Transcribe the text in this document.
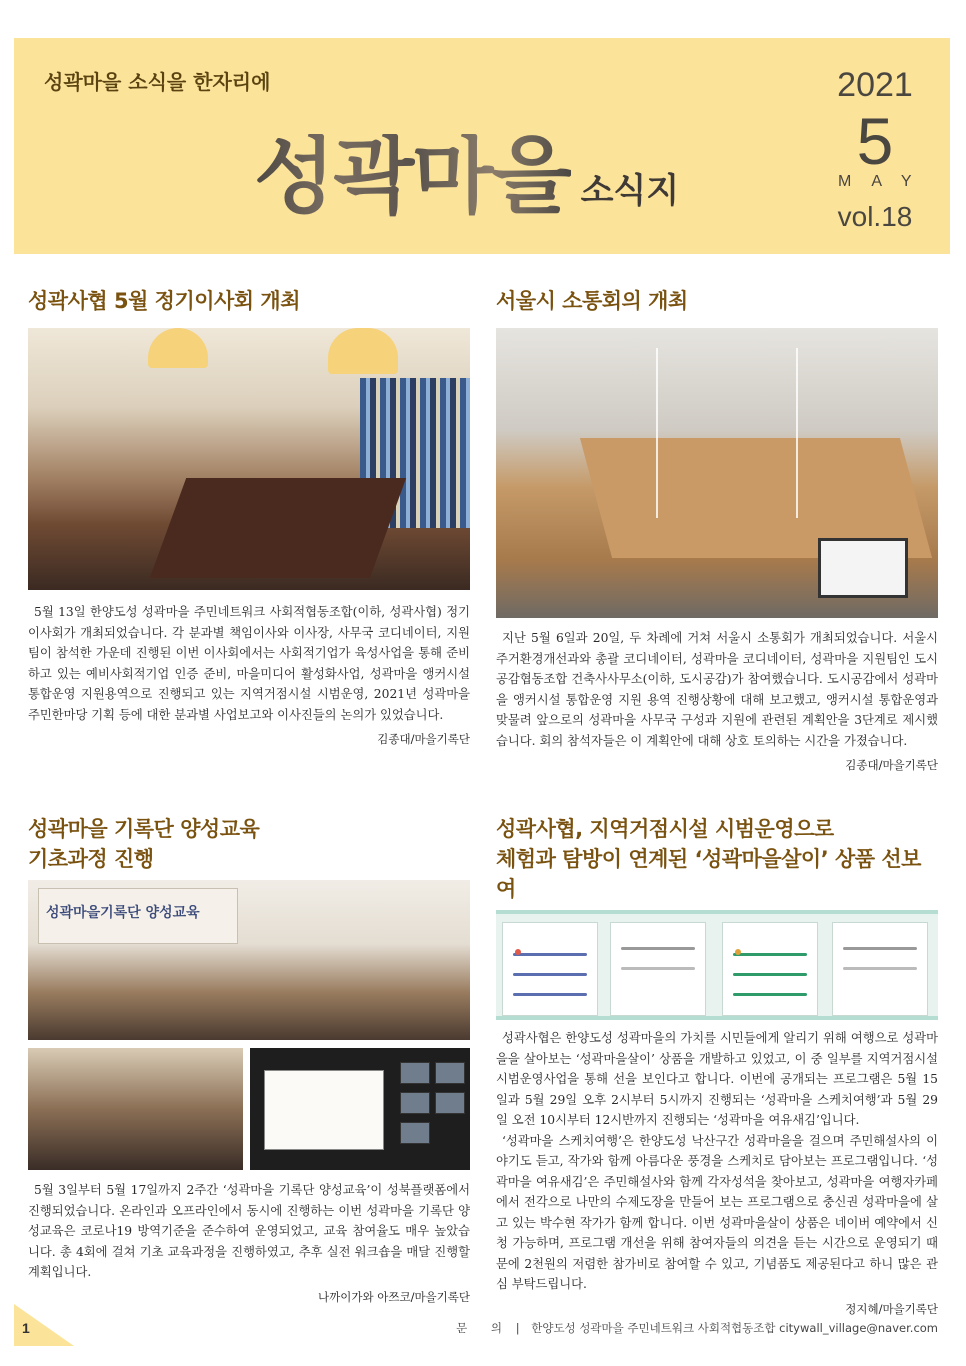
성곽마을 소식을 한자리에
성곽마을 소식지
2021
5
MAY
vol.18
성곽사협 5월 정기이사회 개최

5월 13일 한양도성 성곽마을 주민네트워크 사회적협동조합(이하, 성곽사협) 정기이사회가 개최되었습니다. 각 분과별 책임이사와 이사장, 사무국 코디네이터, 지원팀이 참석한 가운데 진행된 이번 이사회에서는 사회적기업가 육성사업을 통해 준비하고 있는 예비사회적기업 인증 준비, 마을미디어 활성화사업, 성곽마을 앵커시설 통합운영 지원용역으로 진행되고 있는 지역거점시설 시범운영, 2021년 성곽마을 주민한마당 기획 등에 대한 분과별 사업보고와 이사진들의 논의가 있었습니다.

김종대/마을기록단
서울시 소통회의 개최

지난 5월 6일과 20일, 두 차례에 거쳐 서울시 소통회가 개최되었습니다. 서울시 주거환경개선과와 총괄 코디네이터, 성곽마을 코디네이터, 성곽마을 지원팀인 도시공감협동조합 건축사사무소(이하, 도시공감)가 참여했습니다. 도시공감에서 성곽마을 앵커시설 통합운영 지원 용역 진행상황에 대해 보고했고, 앵커시설 통합운영과 맞물려 앞으로의 성곽마을 사무국 구성과 지원에 관련된 계획안을 3단계로 제시했습니다. 회의 참석자들은 이 계획안에 대해 상호 토의하는 시간을 가졌습니다.

김종대/마을기록단
성곽마을 기록단 양성교육
기초과정 진행
성곽마을기록단 양성교육

5월 3일부터 5월 17일까지 2주간 ‘성곽마을 기록단 양성교육’이 성북플랫폼에서 진행되었습니다. 온라인과 오프라인에서 동시에 진행하는 이번 성곽마을 기록단 양성교육은 코로나19 방역기준을 준수하여 운영되었고, 교육 참여율도 매우 높았습니다. 총 4회에 걸쳐 기초 교육과정을 진행하였고, 추후 실전 워크숍을 매달 진행할 계획입니다.

나까이가와 아쯔코/마을기록단
성곽사협, 지역거점시설 시범운영으로
체험과 탐방이 연계된 ‘성곽마을살이’ 상품 선보여

성곽사협은 한양도성 성곽마을의 가치를 시민들에게 알리기 위해 여행으로 성곽마을을 살아보는 ‘성곽마을살이’ 상품을 개발하고 있었고, 이 중 일부를 지역거점시설 시범운영사업을 통해 선을 보인다고 합니다. 이번에 공개되는 프로그램은 5월 15일과 5월 29일 오후 2시부터 5시까지 진행되는 ‘성곽마을 스케치여행’과 5월 29일 오전 10시부터 12시반까지 진행되는 ‘성곽마을 여유새김’입니다.

‘성곽마을 스케치여행’은 한양도성 낙산구간 성곽마을을 걸으며 주민해설사의 이야기도 듣고, 작가와 함께 아름다운 풍경을 스케치로 담아보는 프로그램입니다. ‘성곽마을 여유새김’은 주민해설사와 함께 각자성석을 찾아보고, 성곽마을 여행자카페에서 전각으로 나만의 수제도장을 만들어 보는 프로그램으로 충신권 성곽마을에 살고 있는 박수현 작가가 함께 합니다. 이번 성곽마을살이 상품은 네이버 예약에서 신청 가능하며, 프로그램 개선을 위해 참여자들의 의견을 듣는 시간으로 운영되기 때문에 2천원의 저렴한 참가비로 참여할 수 있고, 기념품도 제공된다고 하니 많은 관심 부탁드립니다.

정지혜/마을기록단
1	문 의 | 한양도성 성곽마을 주민네트워크 사회적협동조합 citywall_village@naver.com
